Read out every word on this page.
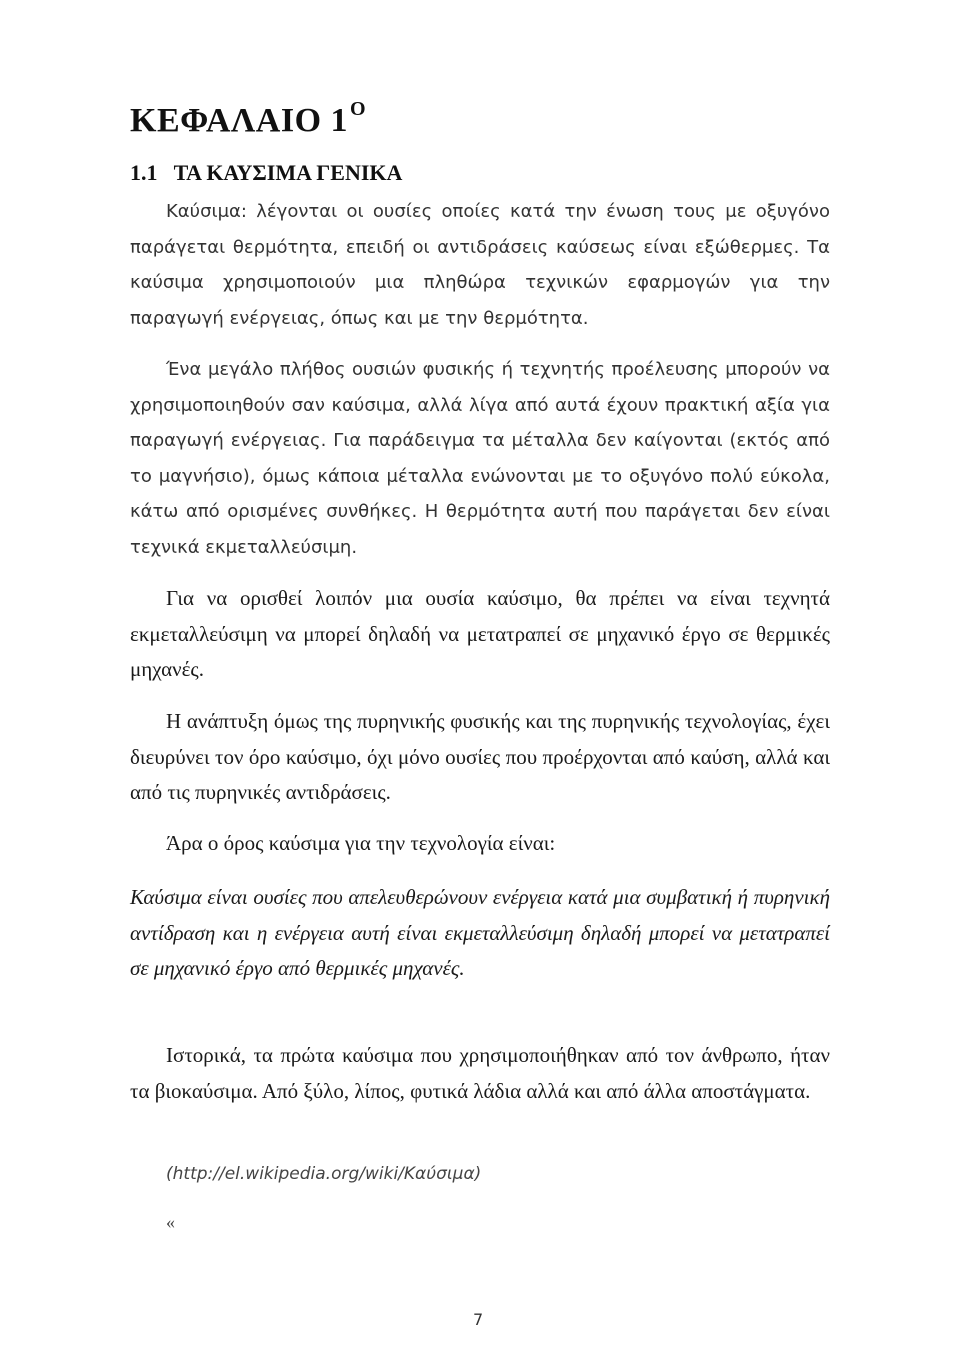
ΚΕΦΑΛΑΙΟ 1 $^O$
1.1 ΤΑ ΚΑΥΣΙΜΑ ΓΕΝΙΚΑ

Καύσιμα: λέγονται οι ουσίες οποίες κατά την ένωση τους με οξυγόνο παράγεται θερμότητα, επειδή οι αντιδράσεις καύσεως είναι εξώθερμες. Τα καύσιμα χρησιμοποιούν μια πληθώρα τεχνικών εφαρμογών για την παραγωγή ενέργειας, όπως και με την θερμότητα.

Ένα μεγάλο πλήθος ουσιών φυσικής ή τεχνητής προέλευσης μπορούν να χρησιμοποιηθούν σαν καύσιμα, αλλά λίγα από αυτά έχουν πρακτική αξία για παραγωγή ενέργειας. Για παράδειγμα τα μέταλλα δεν καίγονται (εκτός από το μαγνήσιο), όμως κάποια μέταλλα ενώνονται με το οξυγόνο πολύ εύκολα, κάτω από ορισμένες συνθήκες. Η θερμότητα αυτή που παράγεται δεν είναι τεχνικά εκμεταλλεύσιμη.

Για να ορισθεί λοιπόν μια ουσία καύσιμο, θα πρέπει να είναι τεχνητά εκμεταλλεύσιμη να μπορεί δηλαδή να μετατραπεί σε μηχανικό έργο σε θερμικές μηχανές.

Η ανάπτυξη όμως της πυρηνικής φυσικής και της πυρηνικής τεχνολογίας, έχει διευρύνει τον όρο καύσιμο, όχι μόνο ουσίες που προέρχονται από καύση, αλλά και από τις πυρηνικές αντιδράσεις.

Άρα ο όρος καύσιμα για την τεχνολογία είναι:

Καύσιμα είναι ουσίες που απελευθερώνουν ενέργεια κατά μια συμβατική ή πυρηνική αντίδραση και η ενέργεια αυτή είναι εκμεταλλεύσιμη δηλαδή μπορεί να μετατραπεί σε μηχανικό έργο από θερμικές μηχανές.

Ιστορικά, τα πρώτα καύσιμα που χρησιμοποιήθηκαν από τον άνθρωπο, ήταν τα βιοκαύσιμα. Από ξύλο, λίπος, φυτικά λάδια αλλά και από άλλα αποστάγματα.

(http://el.wikipedia.org/wiki/Καύσιμα)

«
7
